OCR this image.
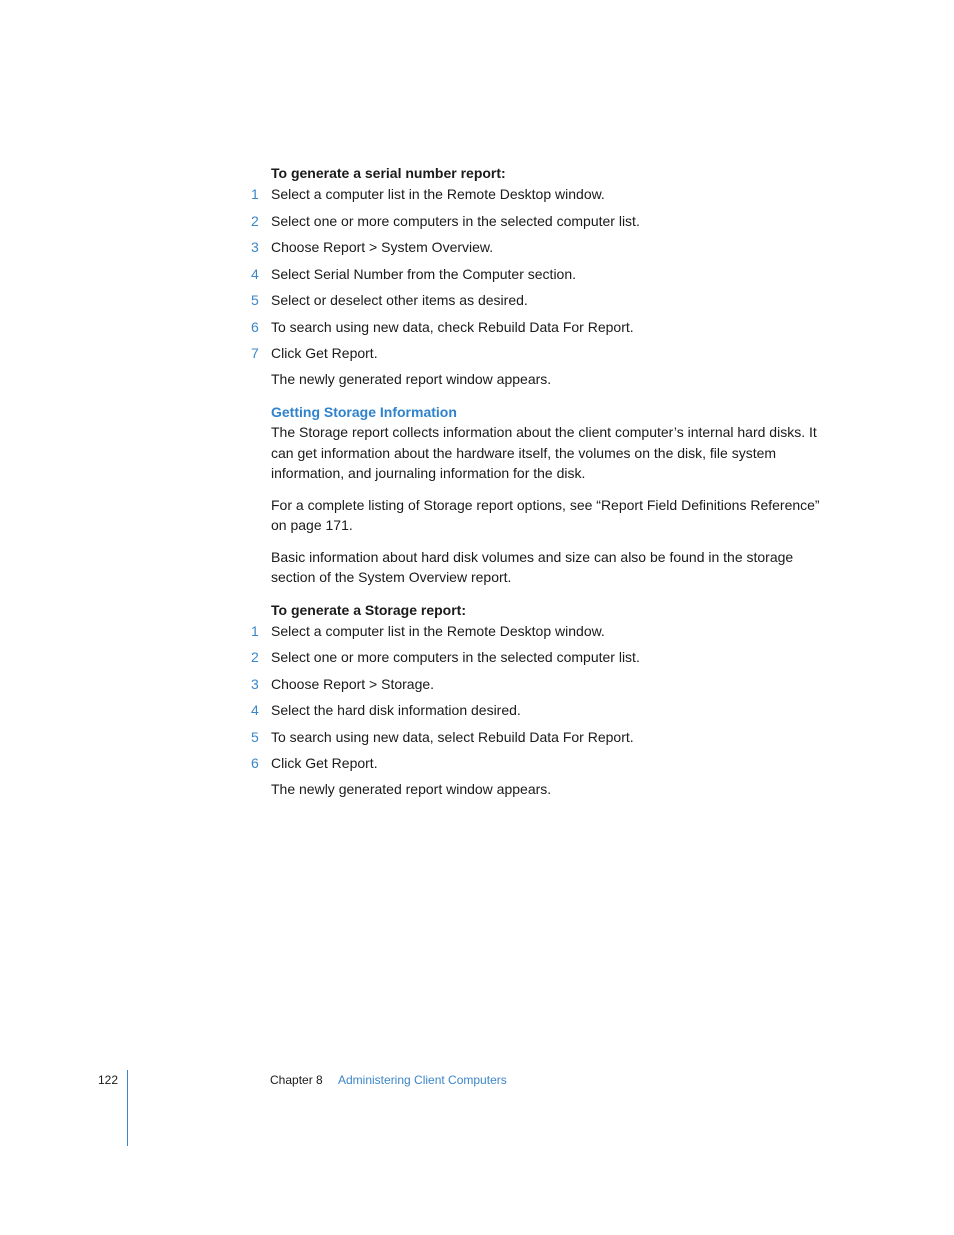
To generate a serial number report:

1 Select a computer list in the Remote Desktop window.
2 Select one or more computers in the selected computer list.
3 Choose Report > System Overview.
4 Select Serial Number from the Computer section.
5 Select or deselect other items as desired.
6 To search using new data, check Rebuild Data For Report.
7 Click Get Report.

The newly generated report window appears.

Getting Storage Information

The Storage report collects information about the client computer’s internal hard disks. It can get information about the hardware itself, the volumes on the disk, file system information, and journaling information for the disk.

For a complete listing of Storage report options, see “Report Field Definitions Reference” on page 171.

Basic information about hard disk volumes and size can also be found in the storage section of the System Overview report.

To generate a Storage report:

1 Select a computer list in the Remote Desktop window.
2 Select one or more computers in the selected computer list.
3 Choose Report > Storage.
4 Select the hard disk information desired.
5 To search using new data, select Rebuild Data For Report.
6 Click Get Report.

The newly generated report window appears.

122	Chapter 8 Administering Client Computers
